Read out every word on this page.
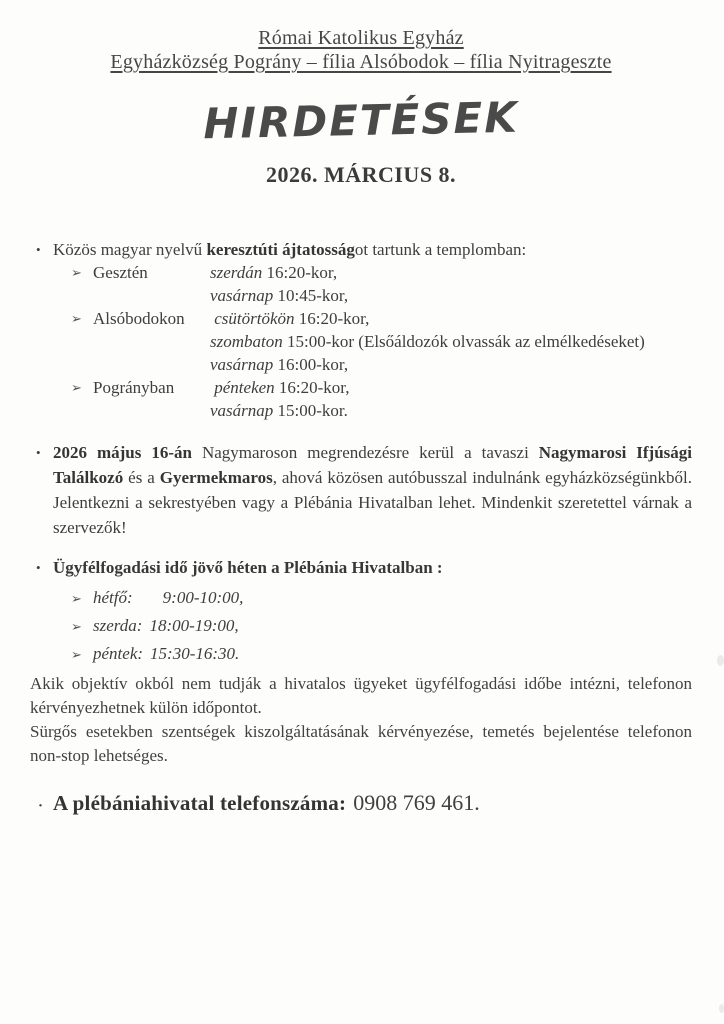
Római Katolikus Egyház
Egyházközség Pográny – fília Alsóbodok – fília Nyitrageszte
HIRDETÉSEK
2026. MÁRCIUS 8.
• Közös magyar nyelvű keresztúti ájtatosságot tartunk a templomban:
➢ Gesztén	szerdán 16:20-kor,
vasárnap 10:45-kor,
➢ Alsóbodokon csütörtökön 16:20-kor,
szombaton 15:00-kor (Elsőáldozók olvassák az elmélkedéseket)
vasárnap 16:00-kor,
➢ Pogrányban pénteken 16:20-kor,
vasárnap 15:00-kor.
• 2026 május 16-án Nagymaroson megrendezésre kerül a tavaszi Nagymarosi Ifjúsági Találkozó és a Gyermekmaros, ahová közösen autóbusszal indulnánk egyházközségünkből. Jelentkezni a sekrestyében vagy a Plébánia Hivatalban lehet. Mindenkit szeretettel várnak a szervezők!
• Ügyfélfogadási idő jövő héten a Plébánia Hivatalban :
➢ hétfő: 9:00-10:00,
➢ szerda: 18:00-19:00,
➢ péntek: 15:30-16:30.

Akik objektív okból nem tudják a hivatalos ügyeket ügyfélfogadási időbe intézni, telefonon kérvényezhetnek külön időpontot.

Sürgős esetekben szentségek kiszolgáltatásának kérvényezése, temetés bejelentése telefonon non-stop lehetséges.

· A plébániahivatal telefonszáma: 0908 769 461.
